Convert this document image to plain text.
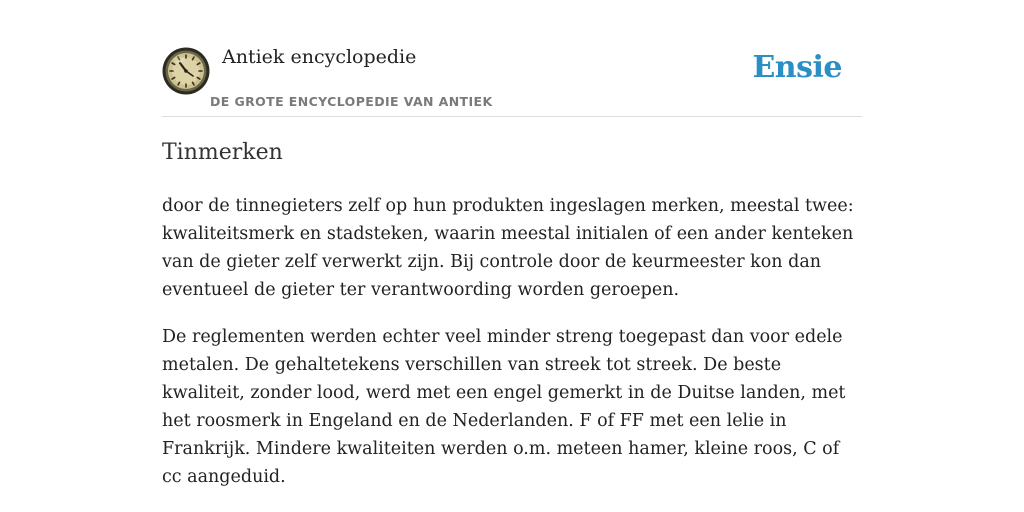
Antiek encyclopedie
DE GROTE ENCYCLOPEDIE VAN ANTIEK
Ensie
Tinmerken

door de tinnegieters zelf op hun produkten ingeslagen merken, meestal twee: kwaliteitsmerk en stadsteken, waarin meestal initialen of een ander kenteken van de gieter zelf verwerkt zijn. Bij controle door de keurmeester kon dan eventueel de gieter ter verantwoording worden geroepen.

De reglementen werden echter veel minder streng toegepast dan voor edele metalen. De gehaltetekens verschillen van streek tot streek. De beste kwaliteit, zonder lood, werd met een engel gemerkt in de Duitse landen, met het roosmerk in Engeland en de Nederlanden. F of FF met een lelie in Frankrijk. Mindere kwaliteiten werden o.m. meteen hamer, kleine roos, C of cc aangeduid.
